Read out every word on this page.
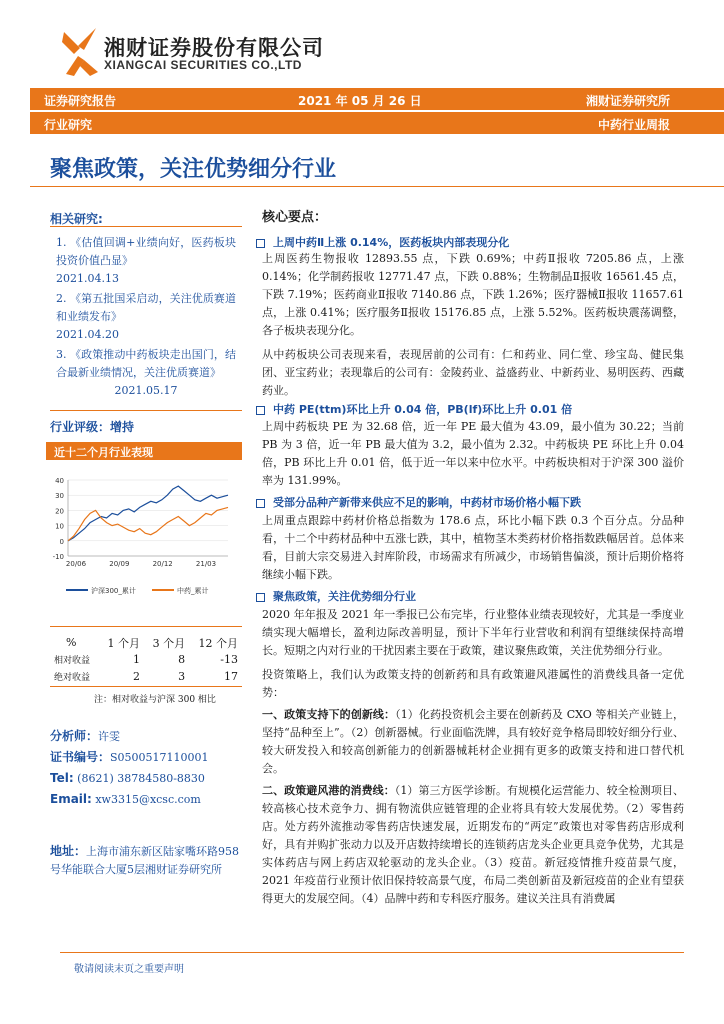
湘财证券股份有限公司
XIANGCAI SECURITIES CO.,LTD
证券研究报告	2021 年 05 月 26 日	湘财证券研究所
行业研究	中药行业周报
聚焦政策，关注优势细分行业
相关研究:
1. 《估值回调+业绩向好，医药板块投资价值凸显》
2021.04.13
2. 《第五批国采启动，关注优质赛道和业绩发布》
2021.04.20
3. 《政策推动中药板块走出国门，结合最新业绩情况，关注优质赛道》
2021.05.17
行业评级：增持
近十二个月行业表现
40
30
20
10
0
-10
20/06	20/09	20/12	21/03
沪深300_累计	中药_累计
%	1 个月	3 个月	12 个月
相对收益	1	8	-13
绝对收益	2	3	17
注：相对收益与沪深 300 相比
分析师：许雯
证书编号：S0500517110001
Tel: (8621) 38784580-8830
Email: xw3315@xcsc.com
地址：上海市浦东新区陆家嘴环路958号华能联合大厦5层湘财证券研究所
核心要点：
上周中药Ⅱ上涨 0.14%，医药板块内部表现分化
上周医药生物报收 12893.55 点，下跌 0.69%；中药Ⅱ报收 7205.86 点，上涨 0.14%；化学制药报收 12771.47 点，下跌 0.88%；生物制品Ⅱ报收 16561.45 点，下跌 7.19%；医药商业Ⅱ报收 7140.86 点，下跌 1.26%；医疗器械Ⅱ报收 11657.61 点，上涨 0.41%；医疗服务Ⅱ报收 15176.85 点，上涨 5.52%。医药板块震荡调整，各子板块表现分化。
从中药板块公司表现来看，表现居前的公司有：仁和药业、同仁堂、珍宝岛、健民集团、亚宝药业；表现靠后的公司有：金陵药业、益盛药业、中新药业、易明医药、西藏药业。
中药 PE(ttm)环比上升 0.04 倍，PB(lf)环比上升 0.01 倍
上周中药板块 PE 为 32.68 倍，近一年 PE 最大值为 43.09，最小值为 30.22；当前 PB 为 3 倍，近一年 PB 最大值为 3.2，最小值为 2.32。中药板块 PE 环比上升 0.04 倍，PB 环比上升 0.01 倍，低于近一年以来中位水平。中药板块相对于沪深 300 溢价率为 131.99%。
受部分品种产新带来供应不足的影响，中药材市场价格小幅下跌
上周重点跟踪中药材价格总指数为 178.6 点，环比小幅下跌 0.3 个百分点。分品种看，十二个中药材品种中五涨七跌，其中，植物茎木类药材价格指数跌幅居首。总体来看，目前大宗交易进入封库阶段，市场需求有所减少，市场销售偏淡，预计后期价格将继续小幅下跌。
聚焦政策，关注优势细分行业
2020 年年报及 2021 年一季报已公布完毕，行业整体业绩表现较好，尤其是一季度业绩实现大幅增长，盈利边际改善明显，预计下半年行业营收和利润有望继续保持高增长。短期之内对行业的干扰因素主要在于政策，建议聚焦政策，关注优势细分行业。
投资策略上，我们认为政策支持的创新药和具有政策避风港属性的消费线具备一定优势：
一、政策支持下的创新线：（1）化药投资机会主要在创新药及 CXO 等相关产业链上，坚持“品种至上”。（2）创新器械。行业面临洗牌，具有较好竞争格局即较好细分行业、较大研发投入和较高创新能力的创新器械耗材企业拥有更多的政策支持和进口替代机会。
二、政策避风港的消费线：（1）第三方医学诊断。有规模化运营能力、较全检测项目、较高核心技术竞争力、拥有物流供应链管理的企业将具有较大发展优势。（2）零售药店。处方药外流推动零售药店快速发展，近期发布的“两定”政策也对零售药店形成利好，具有并购扩张动力以及开店数持续增长的连锁药店龙头企业更具竞争优势，尤其是实体药店与网上药店双轮驱动的龙头企业。（3）疫苗。新冠疫情推升疫苗景气度，2021 年疫苗行业预计依旧保持较高景气度，布局二类创新苗及新冠疫苗的企业有望获得更大的发展空间。（4）品牌中药和专科医疗服务。建议关注具有消费属
敬请阅读末页之重要声明
